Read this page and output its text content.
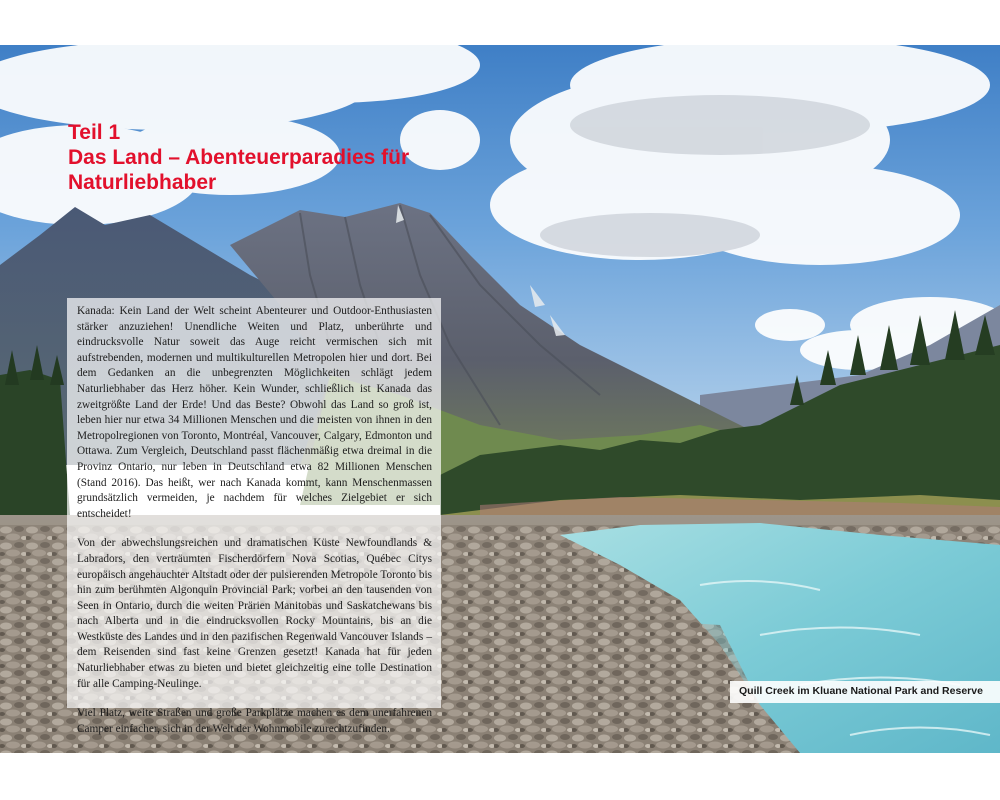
Teil 1
Das Land – Abenteuerparadies für
Naturliebhaber

Kanada: Kein Land der Welt scheint Abenteurer und Outdoor-Enthusiasten stärker anzuziehen! Unendliche Weiten und Platz, unberührte und eindrucksvolle Natur soweit das Auge reicht vermischen sich mit aufstrebenden, modernen und multikulturellen Metropolen hier und dort. Bei dem Gedanken an die unbegrenzten Möglichkeiten schlägt jedem Naturliebhaber das Herz höher. Kein Wunder, schließlich ist Kanada das zweitgrößte Land der Erde! Und das Beste? Obwohl das Land so groß ist, leben hier nur etwa 34 Millionen Menschen und die meisten von ihnen in den Metropolregionen von Toronto, Montréal, Vancouver, Calgary, Edmonton und Ottawa. Zum Vergleich, Deutschland passt flächenmäßig etwa dreimal in die Provinz Ontario, nur leben in Deutschland etwa 82 Millionen Menschen (Stand 2016). Das heißt, wer nach Kanada kommt, kann Menschenmassen grundsätzlich vermeiden, je nachdem für welches Zielgebiet er sich entscheidet!

Von der abwechslungsreichen und dramatischen Küste Newfoundlands & Labradors, den verträumten Fischerdörfern Nova Scotias, Québec Citys europäisch angehauchter Altstadt oder der pulsierenden Metropole Toronto bis hin zum berühmten Algonquin Provincial Park; vorbei an den tausenden von Seen in Ontario, durch die weiten Prärien Manitobas und Saskatchewans bis nach Alberta und in die eindrucksvollen Rocky Mountains, bis an die Westküste des Landes und in den pazifischen Regenwald Vancouver Islands – dem Reisenden sind fast keine Grenzen gesetzt! Kanada hat für jeden Naturliebhaber etwas zu bieten und bietet gleichzeitig eine tolle Destination für alle Camping-Neulinge.

Viel Platz, weite Straßen und große Parkplätze machen es dem unerfahrenen Camper einfacher, sich in der Welt der Wohnmobile zurechtzufinden.

Quill Creek im Kluane National Park and Reserve
